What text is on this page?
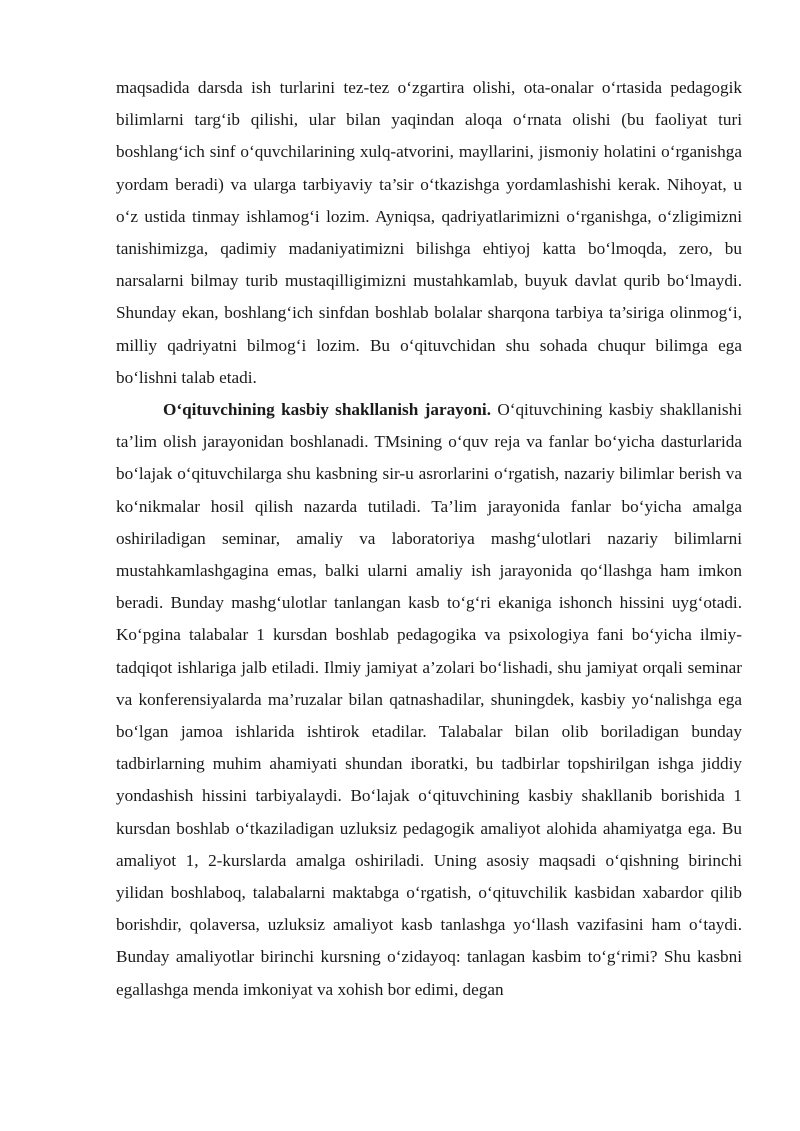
maqsadida darsda ish turlarini tez-tez o‘zgartira olishi, ota-onalar o‘rtasida pedagogik bilimlarni targ‘ib qilishi, ular bilan yaqindan aloqa o‘rnata olishi (bu faoliyat turi boshlang‘ich sinf o‘quvchilarining xulq-atvorini, mayllarini, jismoniy holatini o‘rganishga yordam beradi) va ularga tarbiyaviy ta’sir o‘tkazishga yordamlashishi kerak. Nihoyat, u o‘z ustida tinmay ishlamog‘i lozim. Ayniqsa, qadriyatlarimizni o‘rganishga, o‘zligimizni tanishimizga, qadimiy madaniyatimizni bilishga ehtiyoj katta bo‘lmoqda, zero, bu narsalarni bilmay turib mustaqilligimizni mustahkamlab, buyuk davlat qurib bo‘lmaydi. Shunday ekan, boshlang‘ich sinfdan boshlab bolalar sharqona tarbiya ta’siriga olinmog‘i, milliy qadriyatni bilmog‘i lozim. Bu o‘qituvchidan shu sohada chuqur bilimga ega bo‘lishni talab etadi.

O‘qituvchining kasbiy shakllanish jarayoni. O‘qituvchining kasbiy shakllanishi ta’lim olish jarayonidan boshlanadi. TMsining o‘quv reja va fanlar bo‘yicha dasturlarida bo‘lajak o‘qituvchilarga shu kasbning sir-u asrorlarini o‘rgatish, nazariy bilimlar berish va ko‘nikmalar hosil qilish nazarda tutiladi. Ta’lim jarayonida fanlar bo‘yicha amalga oshiriladigan seminar, amaliy va laboratoriya mashg‘ulotlari nazariy bilimlarni mustahkamlashgagina emas, balki ularni amaliy ish jarayonida qo‘llashga ham imkon beradi. Bunday mashg‘ulotlar tanlangan kasb to‘g‘ri ekaniga ishonch hissini uyg‘otadi. Ko‘pgina talabalar 1 kursdan boshlab pedagogika va psixologiya fani bo‘yicha ilmiy-tadqiqot ishlariga jalb etiladi. Ilmiy jamiyat a’zolari bo‘lishadi, shu jamiyat orqali seminar va konferensiyalarda ma’ruzalar bilan qatnashadilar, shuningdek, kasbiy yo‘nalishga ega bo‘lgan jamoa ishlarida ishtirok etadilar. Talabalar bilan olib boriladigan bunday tadbirlarning muhim ahamiyati shundan iboratki, bu tadbirlar topshirilgan ishga jiddiy yondashish hissini tarbiyalaydi. Bo‘lajak o‘qituvchining kasbiy shakllanib borishida 1 kursdan boshlab o‘tkaziladigan uzluksiz pedagogik amaliyot alohida ahamiyatga ega. Bu amaliyot 1, 2-kurslarda amalga oshiriladi. Uning asosiy maqsadi o‘qishning birinchi yilidan boshlaboq, talabalarni maktabga o‘rgatish, o‘qituvchilik kasbidan xabardor qilib borishdir, qolaversa, uzluksiz amaliyot kasb tanlashga yo‘llash vazifasini ham o‘taydi. Bunday amaliyotlar birinchi kursning o‘zidayoq: tanlagan kasbim to‘g‘rimi? Shu kasbni egallashga menda imkoniyat va xohish bor edimi, degan
